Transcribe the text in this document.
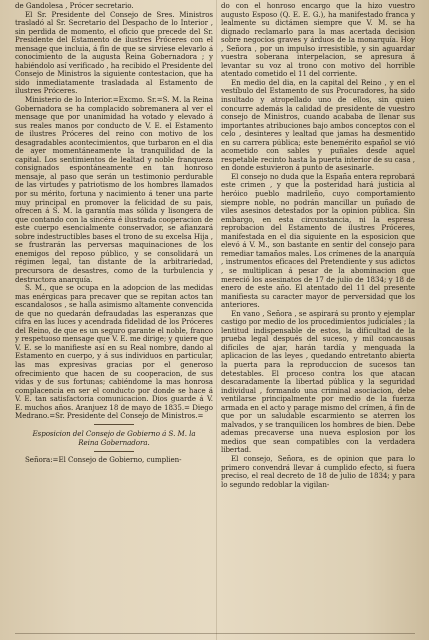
de Gandolesa , Prócer secretario.

El Sr. Presidente del Consejo de Sres. Ministros trasladó al Sr. Secretario del Despacho de lo Interior , sin perdida de momento, el oficio que precede del Sr. Presidente del Estamento de ilustres Próceres con el mensage que incluia, á fin de que se sirviese elevarlo á conocimiento de la augusta Reina Gobernadora ; y habiéndolo así verificado , ha recibido el Presidente del Consejo de Ministros la siguiente contestacion, que ha sido inmediatamente trasladada al Estamento de ilustres Próceres.

Ministerio de lo Interior.=Excmo. Sr.=S. M. la Reina Gobernadora se ha complacido sobremanera al ver el mensage que por unanimidad ha votado y elevado á sus reales manos por conducto de V. E. el Estamento de ilustres Próceres del reino con motivo de los desagradables acontecimientos, que turbaron en el dia de ayer momentáneamente la tranquilidad de la capital. Los sentimientos de lealtad y noble franqueza consignados espontáneamente en tan honroso mensaje, al paso que serán un testimonio perdurable de las virtudes y patriotismo de los hombres llamados por su mérito, fortuna y nacimiento á tener una parte muy principal en promover la felicidad de su pais, ofrecen á S. M. la garantía mas sólida y lisongera de que contando con la sincéra é ilustrada cooperacion de este cuerpo esencialmente conservador, se afianzará sobre indestructibles bases el trono de su excelsa Hija , se frustrarán las perversas maquinaciones de los enemigos del reposo público, y se consolidará un régimen legal, tan distante de la arbitrariedad, precursora de desastres, como de la turbulencia y destructora anarquía.

S. M., que se ocupa en la adopcion de las medidas mas enérgicas para precaver que se repitan actos tan escandalosos , se halla asimismo altamente convencida de que no quedarán defraudadas las esperanzas que cifra en las luces y acendrada fidelidad de los Próceres del Reino, de que es un seguro garante el noble, franco y respetuoso mensage que V. E. me dirige; y quiere que V. E. se lo manifieste así en su Real nombre, dando al Estamento en cuerpo, y á sus individuos en particular, las mas expresivas gracias por el generoso ofrecimiento que hacen de su cooperacion, de sus vidas y de sus fortunas; cabiéndome la mas honrosa complacencia en ser el conducto por donde se hace á V. E. tan satisfactoria comunicacion. Dios guarde á V. E. muchos años. Aranjuez 18 de mayo de 1835.= Diego Medrano.=Sr. Presidente del Consejo de Ministros.=

Esposicion del Consejo de Gobierno á S. M. la Reina Gobernadora.

Señora:=El Consejo de Gobierno, cumplien-

do con el honroso encargo que la hizo vuestro augusto Esposo (Q. E. E. G.), ha manifestado franca y lealmente su dictámen siempre que V. M. se ha dignado reclamarlo para la mas acertada decision sobre negocios graves y árduos de la monarquía. Hoy , Señora , por un impulso irresistible, y sin aguardar vuestra soberana interpelacion, se apresura á levantar su voz al trono con motivo del horrible atentado cometido el 11 del corriente.

En medio del dia, en la capital del Reino , y en el vestíbulo del Estamento de sus Procuradores, ha sido insultado y atropellado uno de ellos, sin quien concurre además la calidad de presidente de vuestro consejo de Ministros, cuando acababa de llenar sus importantes atribuciones bajo ambos conceptos con el celo , desinteres y lealtad que jamas ha desmentido en su carrera pública; este benemérito español se vió acometido con sables y puñales desde aquel respetable recinto hasta la puerta interior de su casa , en donde estuvieron á punto de asesinarle.

El consejo no duda que la España entera reprobará este crimen , y que la posteridad hará justicia al heróico pueblo madrileño, cuyo comportamiento siempre noble, no podrán mancillar un puñado de viles asesinos detestados por la opinion pública. Sin embargo, en esta circunstancia, ni la espresa reprobacion del Estamento de ilustres Próceres, manifestada en el dia siguiente en la esposicion que elevó á V. M., son bastante en sentir del consejo para remediar tamaños males. Los crímenes de la anarquía , instrumentos eficaces del Pretendiente y sus adictos , se multiplican á pesar de la abominacion que mereció los asesinatos de 17 de julio de 1834; y 18 de enero de este año. El atentado del 11 del presente manifiesta su caracter mayor de perversidad que los anteriores.

En vano , Señora , se aspirará su pronto y ejemplar castigo por medio de los procedimientos judiciales ; la lentitud indispensable de estos, la dificultad de la prueba legal después del suceso, y mil concausas difíciles de ajar, harán tardía y menguada la aplicacion de las leyes , quedando entretanto abierta la puerta para la reproduccion de sucesos tan detestables. El proceso contra los que atacan descaradamente la libertad pública y la seguridad individual , formando una criminal asociacion, debe ventilarse principalmente por medio de la fuerza armada en el acto y parage mismo del crímen, á fin de que por un saludable escarmiento se aterren los malvados, y se tranquilicen los hombres de bien. Debe ademas precaverse una nueva esplosion por los medios que sean compatibles con la verdadera libertad.

El consejo, Señora, es de opinion que para lo primero convendrá llevar á cumplido efecto, si fuera preciso, el real decreto de 18 de julio de 1834; y para lo segundo redoblar la vigilan-
